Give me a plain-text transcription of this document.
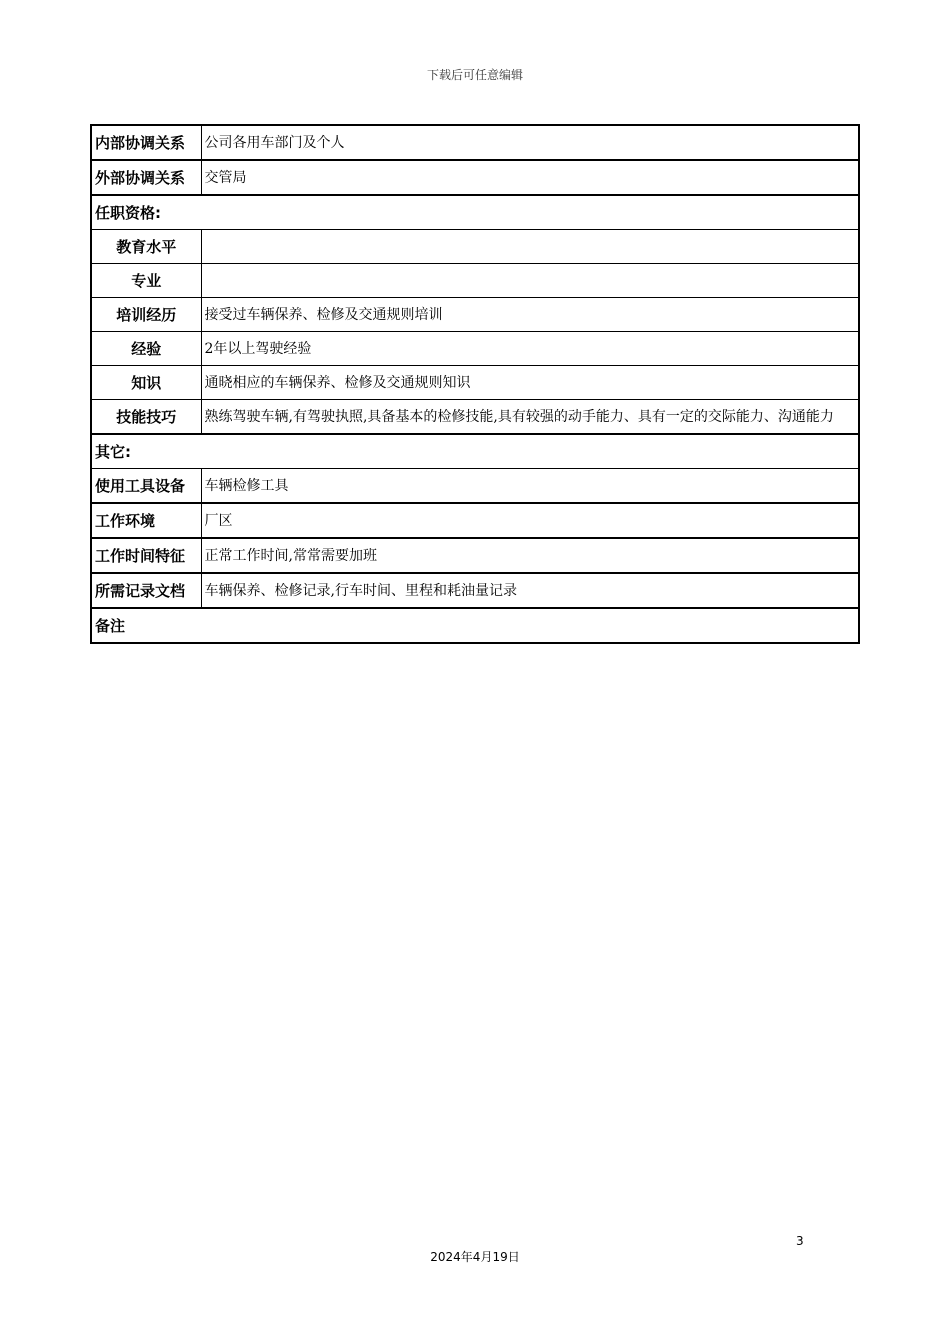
下载后可任意编辑
内部协调关系	公司各用车部门及个人
外部协调关系	交管局
任职资格:	
教育水平	
专业	
培训经历	接受过车辆保养、检修及交通规则培训
经验	2年以上驾驶经验
知识	通晓相应的车辆保养、检修及交通规则知识
技能技巧	熟练驾驶车辆,有驾驶执照,具备基本的检修技能,具有较强的动手能力、具有一定的交际能力、沟通能力
其它:	
使用工具设备	车辆检修工具
工作环境	厂区
工作时间特征	正常工作时间,常常需要加班
所需记录文档	车辆保养、检修记录,行车时间、里程和耗油量记录
备注	
3
2024年4月19日
